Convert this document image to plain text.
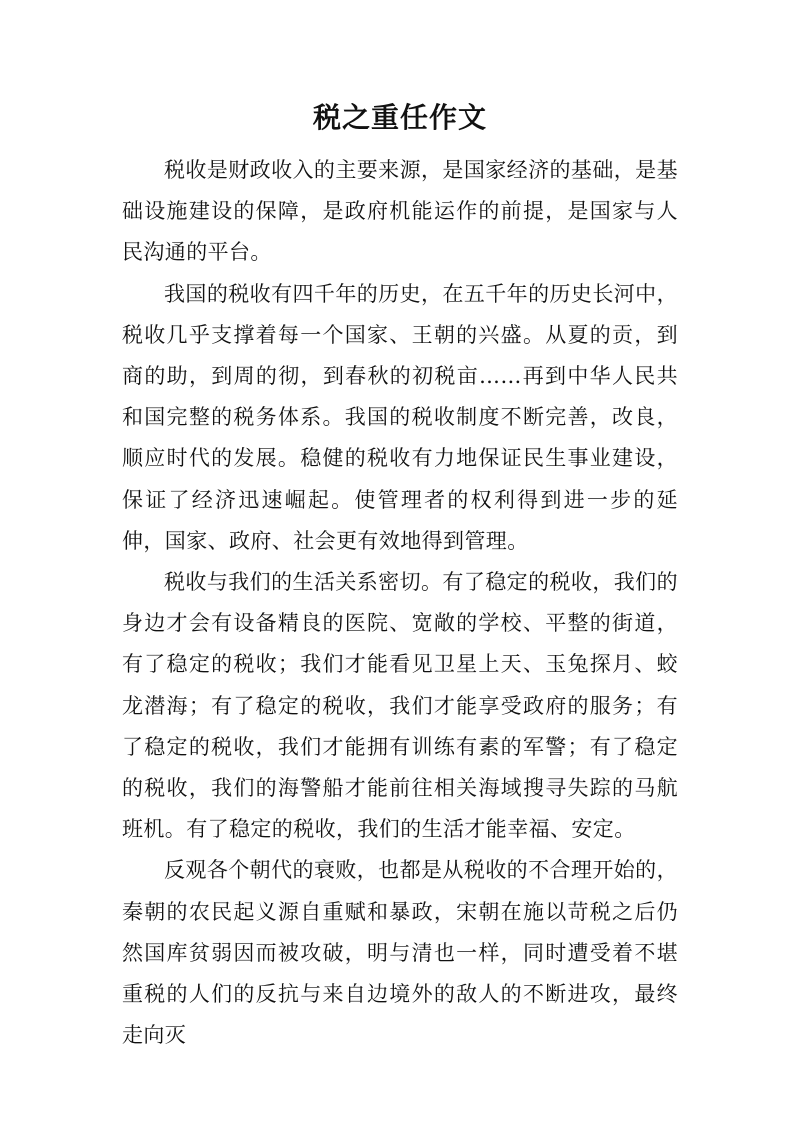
税之重任作文

税收是财政收入的主要来源，是国家经济的基础，是基础设施建设的保障，是政府机能运作的前提，是国家与人民沟通的平台。

我国的税收有四千年的历史，在五千年的历史长河中，税收几乎支撑着每一个国家、王朝的兴盛。从夏的贡，到商的助，到周的彻，到春秋的初税亩……再到中华人民共和国完整的税务体系。我国的税收制度不断完善，改良，顺应时代的发展。稳健的税收有力地保证民生事业建设，保证了经济迅速崛起。使管理者的权利得到进一步的延伸，国家、政府、社会更有效地得到管理。

税收与我们的生活关系密切。有了稳定的税收，我们的身边才会有设备精良的医院、宽敞的学校、平整的街道，有了稳定的税收；我们才能看见卫星上天、玉兔探月、蛟龙潜海；有了稳定的税收，我们才能享受政府的服务；有了稳定的税收，我们才能拥有训练有素的军警；有了稳定的税收，我们的海警船才能前往相关海域搜寻失踪的马航班机。有了稳定的税收，我们的生活才能幸福、安定。

反观各个朝代的衰败，也都是从税收的不合理开始的，秦朝的农民起义源自重赋和暴政，宋朝在施以苛税之后仍然国库贫弱因而被攻破，明与清也一样，同时遭受着不堪重税的人们的反抗与来自边境外的敌人的不断进攻，最终走向灭
